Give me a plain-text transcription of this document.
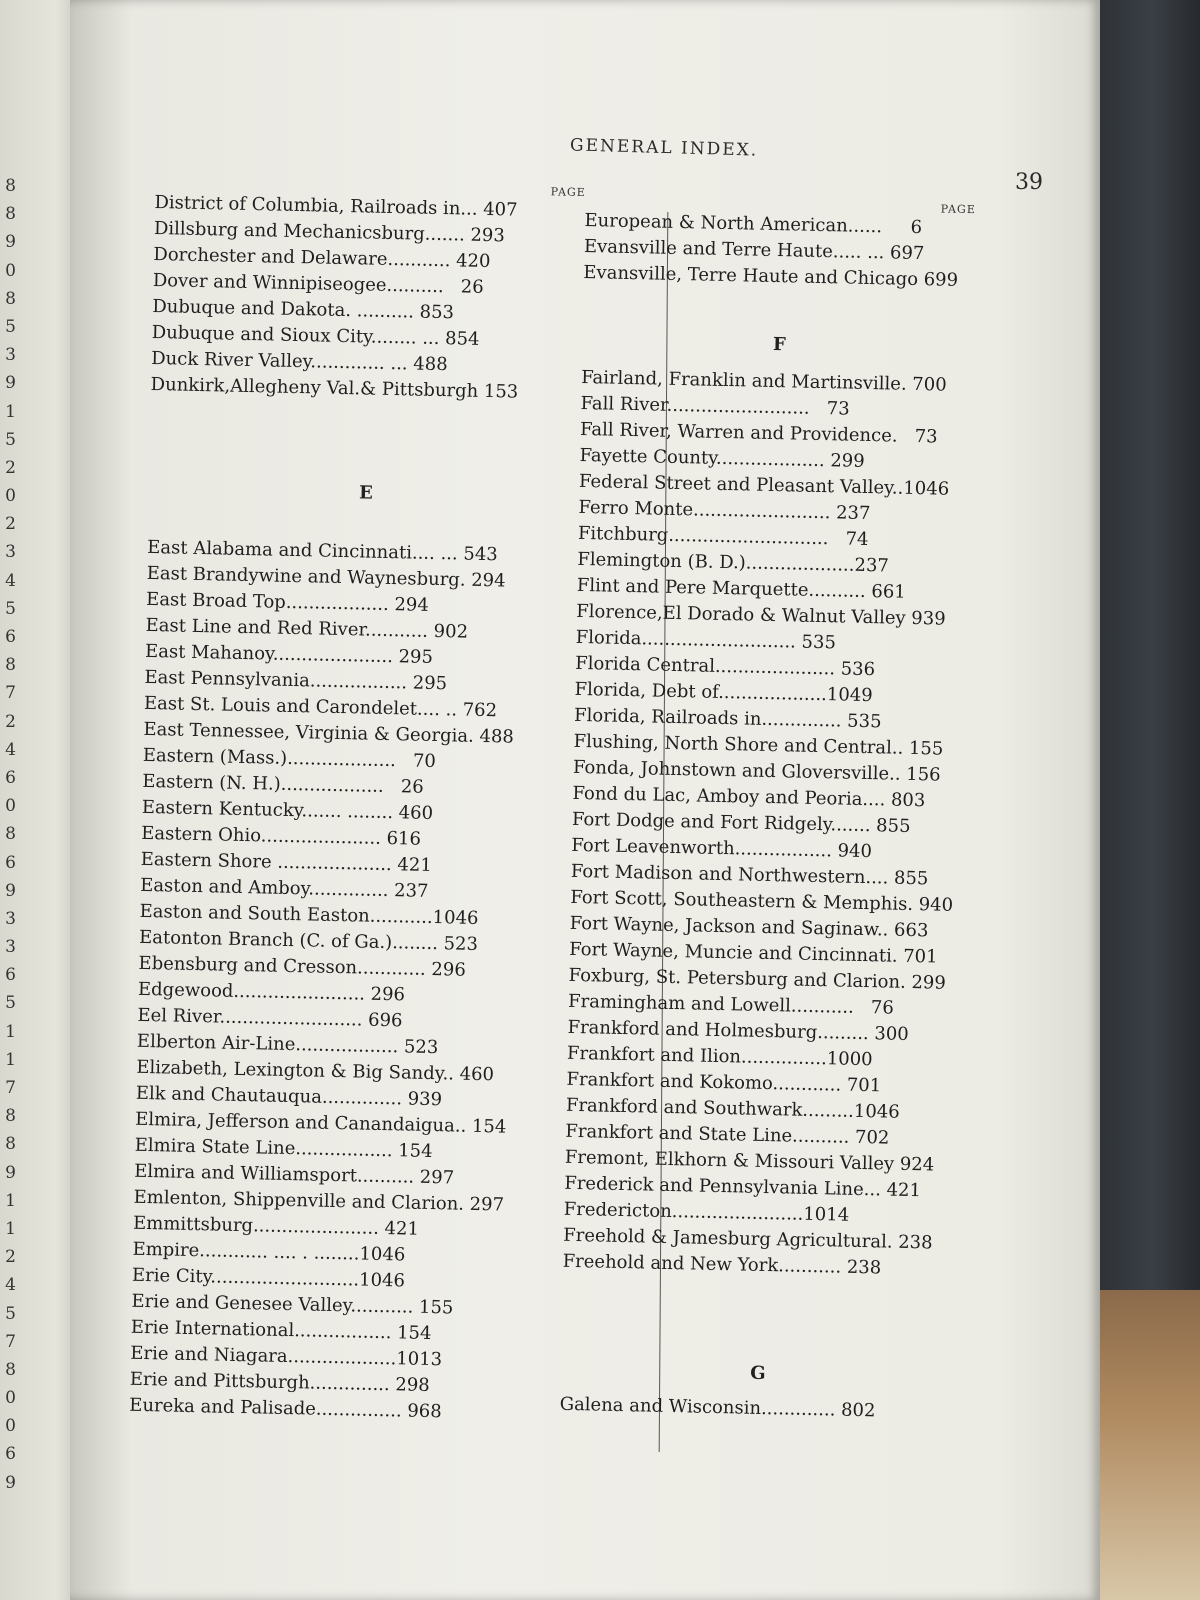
8
8
9
0
8
5
3
9
1
5
2
0
2
3
4
5
6
8
7
2
4
6
0
8
6
9
3
3
6
5
1
1
7
8
8
9
1
1
2
4
5
7
8
0
0
6
9
GENERAL INDEX.
39
PAGE
District of Columbia, Railroads in... 407
Dillsburg and Mechanicsburg....... 293
Dorchester and Delaware........... 420
Dover and Winnipiseogee.......... 26
Dubuque and Dakota. .......... 853
Dubuque and Sioux City........ ... 854
Duck River Valley............. ... 488
Dunkirk,Allegheny Val.& Pittsburgh 153
E
East Alabama and Cincinnati.... ... 543
East Brandywine and Waynesburg. 294
East Broad Top.................. 294
East Line and Red River........... 902
East Mahanoy..................... 295
East Pennsylvania................. 295
East St. Louis and Carondelet.... .. 762
East Tennessee, Virginia & Georgia. 488
Eastern (Mass.)................... 70
Eastern (N. H.).................. 26
Eastern Kentucky....... ........ 460
Eastern Ohio..................... 616
Eastern Shore .................... 421
Easton and Amboy.............. 237
Easton and South Easton........... 1046
Eatonton Branch (C. of Ga.)........ 523
Ebensburg and Cresson............ 296
Edgewood....................... 296
Eel River......................... 696
Elberton Air-Line.................. 523
Elizabeth, Lexington & Big Sandy.. 460
Elk and Chautauqua.............. 939
Elmira, Jefferson and Canandaigua.. 154
Elmira State Line................. 154
Elmira and Williamsport.......... 297
Emlenton, Shippenville and Clarion. 297
Emmittsburg...................... 421
Empire............ .... . ........ 1046
Erie City.......................... 1046
Erie and Genesee Valley........... 155
Erie International................. 154
Erie and Niagara................... 1013
Erie and Pittsburgh.............. 298
Eureka and Palisade............... 968
PAGE
European & North American......	6
Evansville and Terre Haute..... ... 697
Evansville, Terre Haute and Chicago 699
F
Fairland, Franklin and Martinsville. 700
Fall River......................... 73
Fall River, Warren and Providence. 73
Fayette County................... 299
Federal Street and Pleasant Valley.. 1046
Ferro Monte........................ 237
Fitchburg............................ 74
Flemington (B. D.).................. .237
Flint and Pere Marquette.......... 661
Florence,El Dorado & Walnut Valley 939
Florida........................... 535
Florida Central..................... 536
Florida, Debt of................... 1049
Florida, Railroads in.............. 535
Flushing, North Shore and Central.. 155
Fonda, Johnstown and Gloversville.. 156
Fond du Lac, Amboy and Peoria.... 803
Fort Dodge and Fort Ridgely....... 855
Fort Leavenworth................. 940
Fort Madison and Northwestern.... 855
Fort Scott, Southeastern & Memphis. 940
Fort Wayne, Jackson and Saginaw.. 663
Fort Wayne, Muncie and Cincinnati. 701
Foxburg, St. Petersburg and Clarion. 299
Framingham and Lowell........... 76
Frankford and Holmesburg......... 300
Frankfort and Ilion............... 1000
Frankfort and Kokomo............ 701
Frankford and Southwark......... 1046
Frankfort and State Line.......... 702
Fremont, Elkhorn & Missouri Valley 924
Frederick and Pennsylvania Line... 421
Fredericton....................... 1014
Freehold & Jamesburg Agricultural. 238
Freehold and New York........... 238
G
Galena and Wisconsin............. 802
